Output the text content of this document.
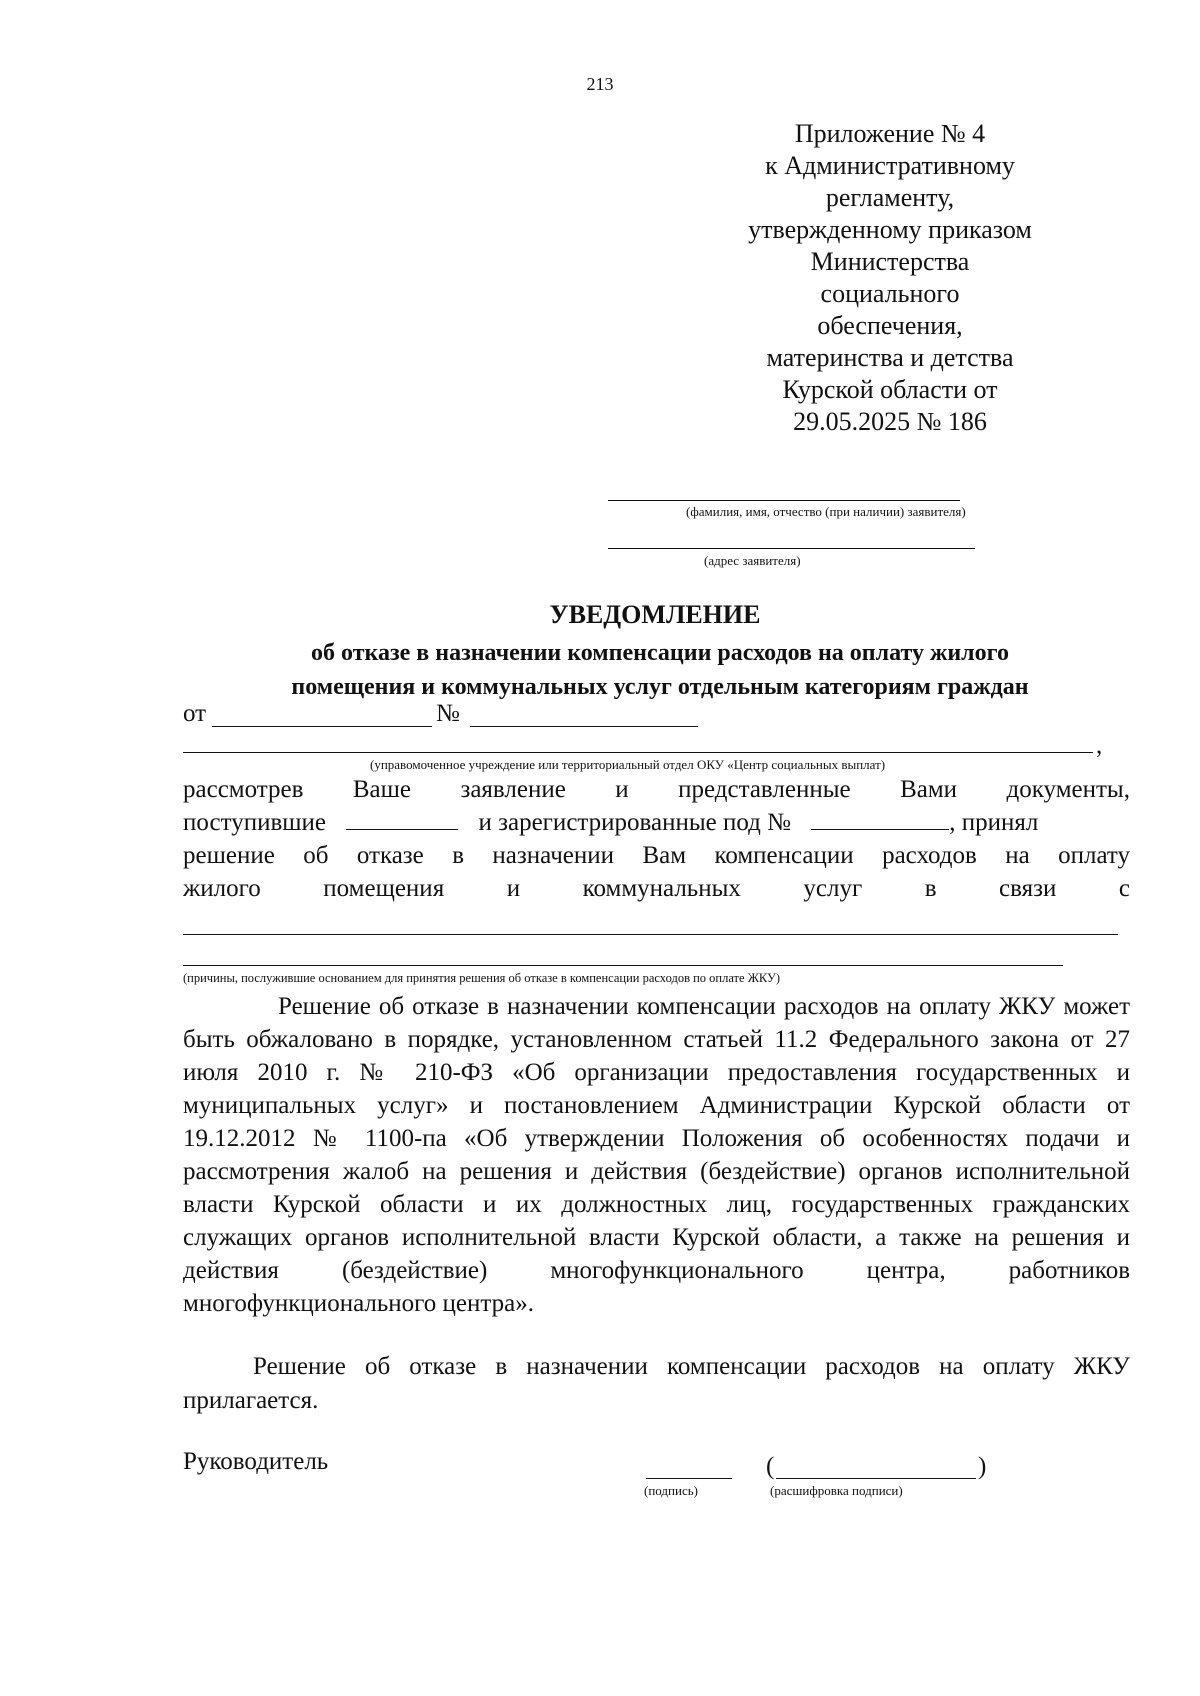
213
Приложение № 4
к Административному
регламенту,
утвержденному приказом
Министерства
социального
обеспечения,
материнства и детства
Курской области от
29.05.2025 № 186
(фамилия, имя, отчество (при наличии) заявителя)
(адрес заявителя)
УВЕДОМЛЕНИЕ
об отказе в назначении компенсации расходов на оплату жилого
помещения и коммунальных услуг отдельным категориям граждан
от	№
,
(управомоченное учреждение или территориальный отдел ОКУ «Центр социальных выплат)
рассмотрев Ваше заявление и представленные Вами документы,
поступившие	и зарегистрированные под №	, принял
решение об отказе в назначении Вам компенсации расходов на оплату
жилого	помещения	и	коммунальных	услуг	в	связи	с
(причины, послужившие основанием для принятия решения об отказе в компенсации расходов по оплате ЖКУ)
Решение об отказе в назначении компенсации расходов на оплату ЖКУ может быть обжаловано в порядке, установленном статьей 11.2 Федерального закона от 27 июля 2010 г. № 210-ФЗ «Об организации предоставления государственных и муниципальных услуг» и постановлением Администрации Курской области от 19.12.2012 № 1100-па «Об утверждении Положения об особенностях подачи и рассмотрения жалоб на решения и действия (бездействие) органов исполнительной власти Курской области и их должностных лиц, государственных гражданских служащих органов исполнительной власти Курской области, а также на решения и действия (бездействие) многофункционального центра, работников многофункционального центра».
Решение об отказе в назначении компенсации расходов на оплату ЖКУ прилагается.
Руководитель
(подпись)
(	)
(расшифровка подписи)
